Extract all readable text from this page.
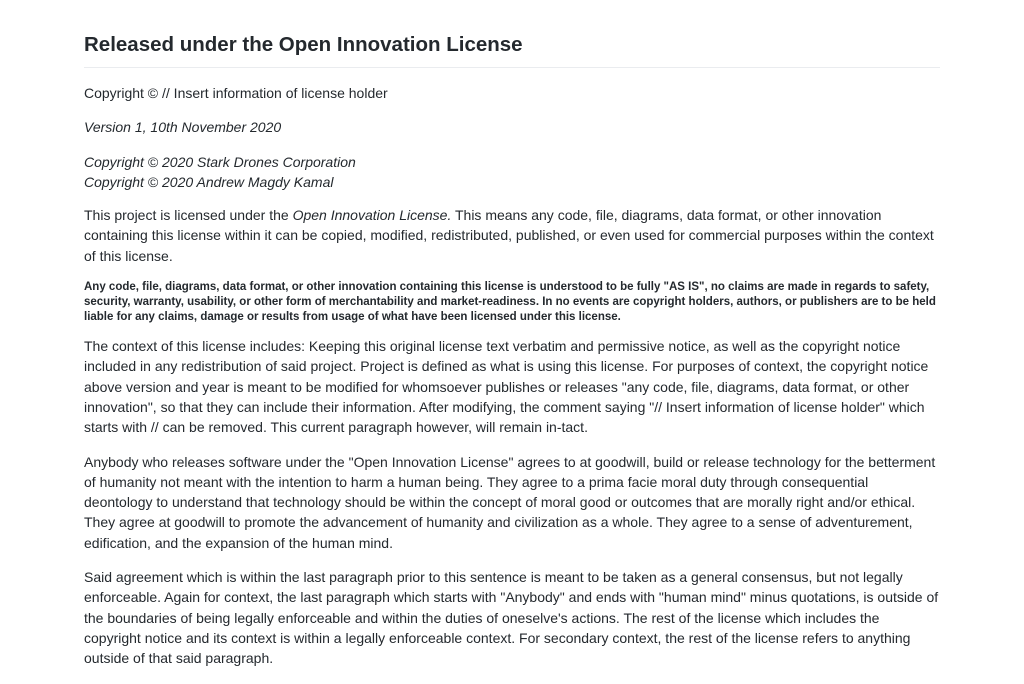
Released under the Open Innovation License

Copyright © // Insert information of license holder

Version 1, 10th November 2020

Copyright © 2020 Stark Drones Corporation
Copyright © 2020 Andrew Magdy Kamal

This project is licensed under the Open Innovation License. This means any code, file, diagrams, data format, or other innovation containing this license within it can be copied, modified, redistributed, published, or even used for commercial purposes within the context of this license.

Any code, file, diagrams, data format, or other innovation containing this license is understood to be fully "AS IS", no claims are made in regards to safety, security, warranty, usability, or other form of merchantability and market-readiness. In no events are copyright holders, authors, or publishers are to be held liable for any claims, damage or results from usage of what have been licensed under this license.

The context of this license includes: Keeping this original license text verbatim and permissive notice, as well as the copyright notice included in any redistribution of said project. Project is defined as what is using this license. For purposes of context, the copyright notice above version and year is meant to be modified for whomsoever publishes or releases "any code, file, diagrams, data format, or other innovation", so that they can include their information. After modifying, the comment saying "// Insert information of license holder" which starts with // can be removed. This current paragraph however, will remain in-tact.

Anybody who releases software under the "Open Innovation License" agrees to at goodwill, build or release technology for the betterment of humanity not meant with the intention to harm a human being. They agree to a prima facie moral duty through consequential deontology to understand that technology should be within the concept of moral good or outcomes that are morally right and/or ethical. They agree at goodwill to promote the advancement of humanity and civilization as a whole. They agree to a sense of adventurement, edification, and the expansion of the human mind.

Said agreement which is within the last paragraph prior to this sentence is meant to be taken as a general consensus, but not legally enforceable. Again for context, the last paragraph which starts with "Anybody" and ends with "human mind" minus quotations, is outside of the boundaries of being legally enforceable and within the duties of oneselve's actions. The rest of the license which includes the copyright notice and its context is within a legally enforceable context. For secondary context, the rest of the license refers to anything outside of that said paragraph.
